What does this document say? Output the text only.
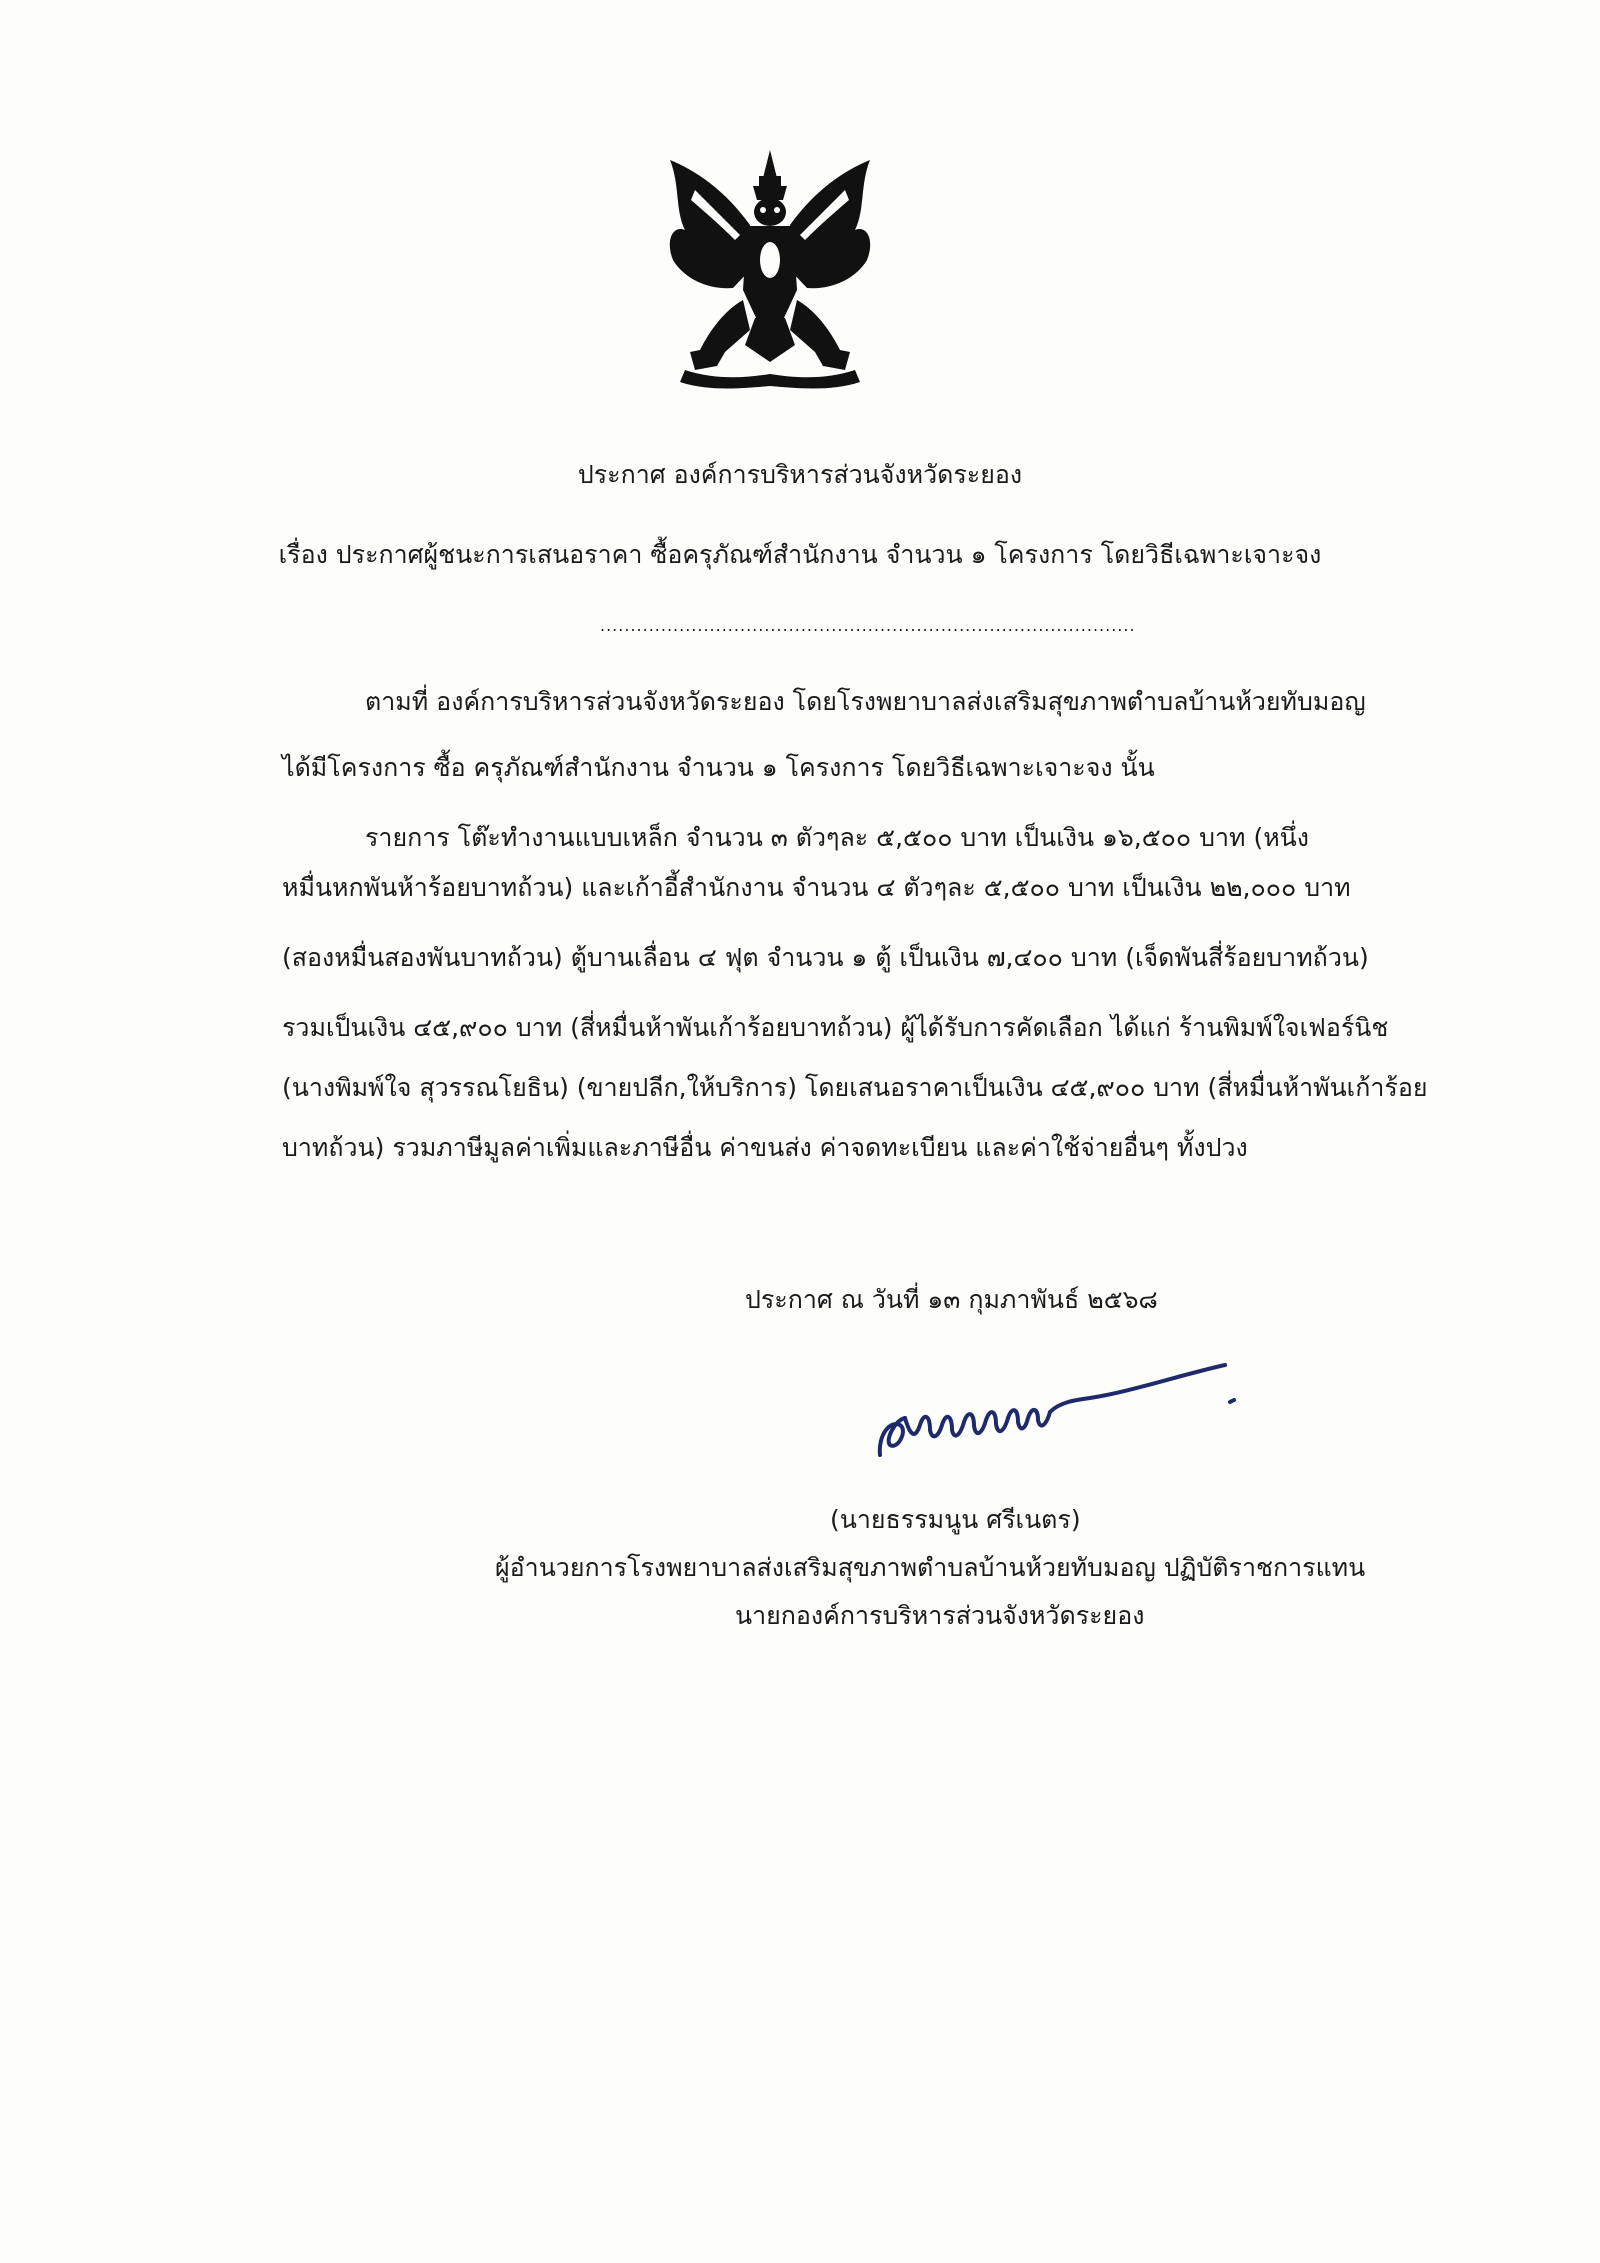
ประกาศ องค์การบริหารส่วนจังหวัดระยอง
เรื่อง ประกาศผู้ชนะการเสนอราคา ซื้อครุภัณฑ์สำนักงาน จำนวน ๑ โครงการ โดยวิธีเฉพาะเจาะจง
........................................................................................
ตามที่ องค์การบริหารส่วนจังหวัดระยอง โดยโรงพยาบาลส่งเสริมสุขภาพตำบลบ้านห้วยทับมอญ
ได้มีโครงการ ซื้อ ครุภัณฑ์สำนักงาน จำนวน ๑ โครงการ โดยวิธีเฉพาะเจาะจง นั้น
รายการ โต๊ะทำงานแบบเหล็ก จำนวน ๓ ตัวๆละ ๕,๕๐๐ บาท เป็นเงิน ๑๖,๕๐๐ บาท (หนึ่ง
หมื่นหกพันห้าร้อยบาทถ้วน) และเก้าอี้สำนักงาน จำนวน ๔ ตัวๆละ ๕,๕๐๐ บาท เป็นเงิน ๒๒,๐๐๐ บาท
(สองหมื่นสองพันบาทถ้วน) ตู้บานเลื่อน ๔ ฟุต จำนวน ๑ ตู้ เป็นเงิน ๗,๔๐๐ บาท (เจ็ดพันสี่ร้อยบาทถ้วน)
รวมเป็นเงิน ๔๕,๙๐๐ บาท (สี่หมื่นห้าพันเก้าร้อยบาทถ้วน) ผู้ได้รับการคัดเลือก ได้แก่ ร้านพิมพ์ใจเฟอร์นิช
(นางพิมพ์ใจ สุวรรณโยธิน) (ขายปลีก,ให้บริการ) โดยเสนอราคาเป็นเงิน ๔๕,๙๐๐ บาท (สี่หมื่นห้าพันเก้าร้อย
บาทถ้วน) รวมภาษีมูลค่าเพิ่มและภาษีอื่น ค่าขนส่ง ค่าจดทะเบียน และค่าใช้จ่ายอื่นๆ ทั้งปวง
ประกาศ ณ วันที่ ๑๓ กุมภาพันธ์ ๒๕๖๘
(นายธรรมนูน ศรีเนตร)
ผู้อำนวยการโรงพยาบาลส่งเสริมสุขภาพตำบลบ้านห้วยทับมอญ ปฏิบัติราชการแทน
นายกองค์การบริหารส่วนจังหวัดระยอง
